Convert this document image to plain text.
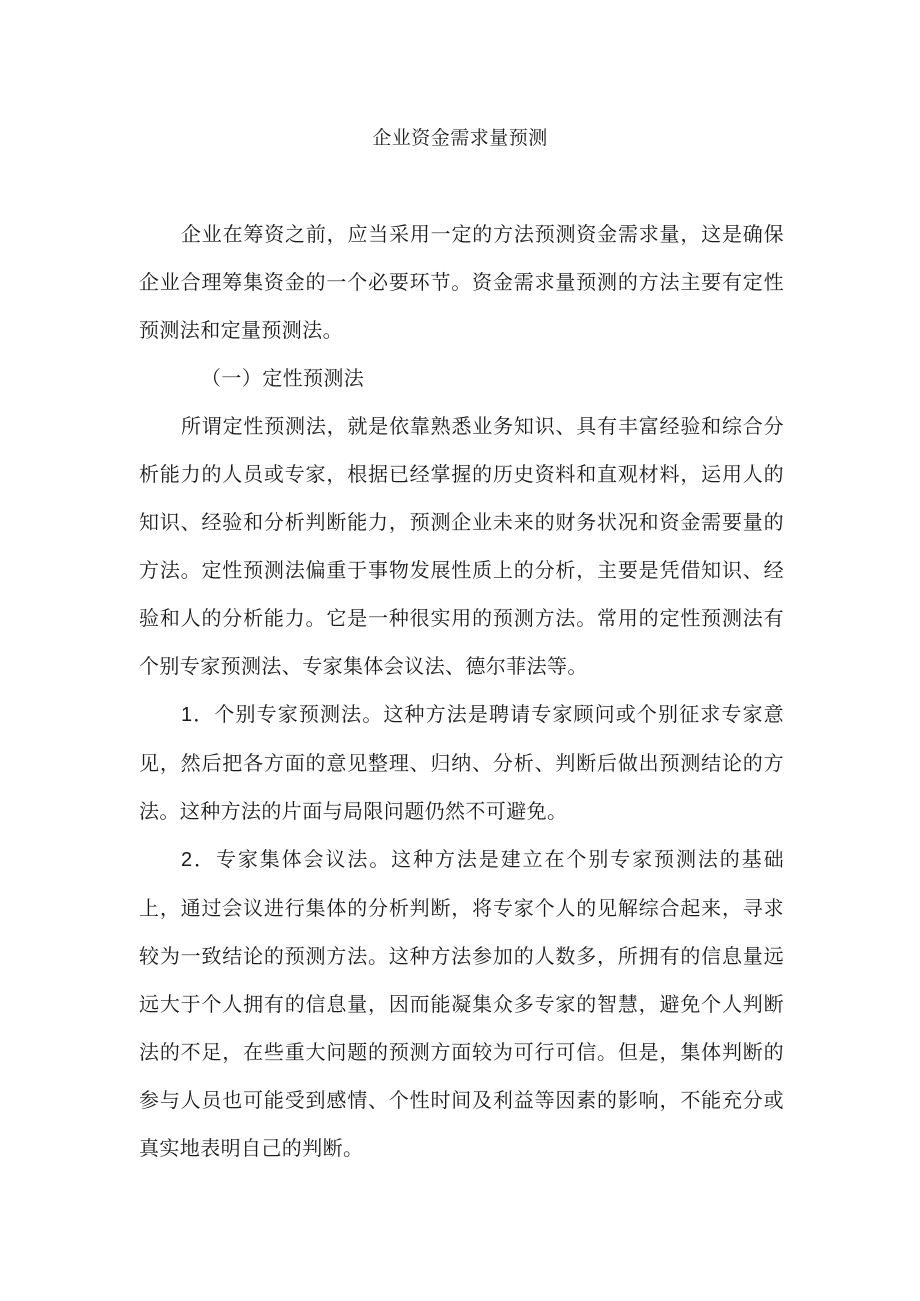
企业资金需求量预测

企业在筹资之前，应当采用一定的方法预测资金需求量，这是确保企业合理筹集资金的一个必要环节。资金需求量预测的方法主要有定性预测法和定量预测法。

（一）定性预测法

所谓定性预测法，就是依靠熟悉业务知识、具有丰富经验和综合分析能力的人员或专家，根据已经掌握的历史资料和直观材料，运用人的知识、经验和分析判断能力，预测企业未来的财务状况和资金需要量的方法。定性预测法偏重于事物发展性质上的分析，主要是凭借知识、经验和人的分析能力。它是一种很实用的预测方法。常用的定性预测法有个别专家预测法、专家集体会议法、德尔菲法等。

1．个别专家预测法。这种方法是聘请专家顾问或个别征求专家意见，然后把各方面的意见整理、归纳、分析、判断后做出预测结论的方法。这种方法的片面与局限问题仍然不可避免。

2．专家集体会议法。这种方法是建立在个别专家预测法的基础上，通过会议进行集体的分析判断，将专家个人的见解综合起来，寻求较为一致结论的预测方法。这种方法参加的人数多，所拥有的信息量远远大于个人拥有的信息量，因而能凝集众多专家的智慧，避免个人判断法的不足，在些重大问题的预测方面较为可行可信。但是，集体判断的参与人员也可能受到感情、个性时间及利益等因素的影响，不能充分或真实地表明自己的判断。
